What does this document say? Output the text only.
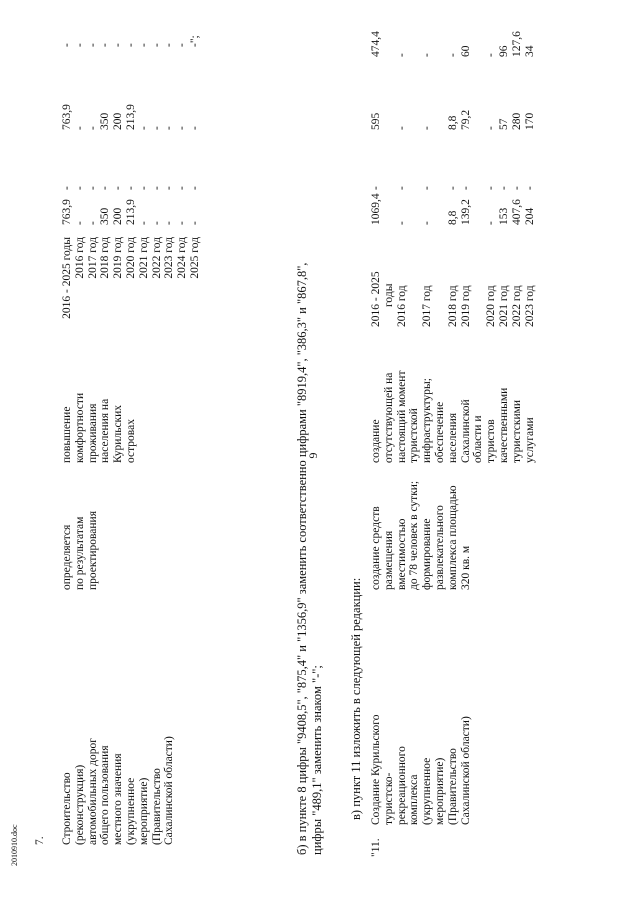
6
2010910.doc 7. Строительство (реконструкция) автомобильных дорог общего пользования местного значения (укрупненное мероприятие) (Правительство Сахалинской области)
определяется по результатам проектирования
повышение комфортности проживания населения на Курильских островах
2016 - 2025 годы 2016 год 2017 год 2018 год 2019 год 2020 год 2021 год 2022 год 2023 год 2024 год 2025 год
763,9 - - 350 200 213,9 - - - - -
- - - - - - - - - - -
763,9 - - 350 200 213,9 - - - - -
- - - - - - - - - - -";
б) в пункте 8 цифры "9408,5", "875,4" и "1356,9" заменить соответственно цифрами "8919,4", "386,3" и "867,8", цифры "489,1" заменить знаком "-"; в) пункт 11 изложить в следующей редакции:
"11.
Создание Курильского туристско- рекреационного комплекса (укрупненное мероприятие) (Правительство Сахалинской области)
создание средств размещения вместимостью до 78 человек в сутки; формирование развлекательного комплекса площадью 320 кв. м
создание отсутствующей на настоящий момент туристской инфраструктуры; обеспечение населения Сахалинской области и туристов качественными туристскими услугами
2016 - 2025 годы 2016 год 2017 год 2018 год 2019 год 2020 год 2021 год 2022 год 2023 год
1069,4 - - 8,8 139,2 - 153 407,6 204
- - - - - - - - -
595 - - 8,8 79,2 - 57 280 170
474,4 - - - 60 - 96 127,6 34
